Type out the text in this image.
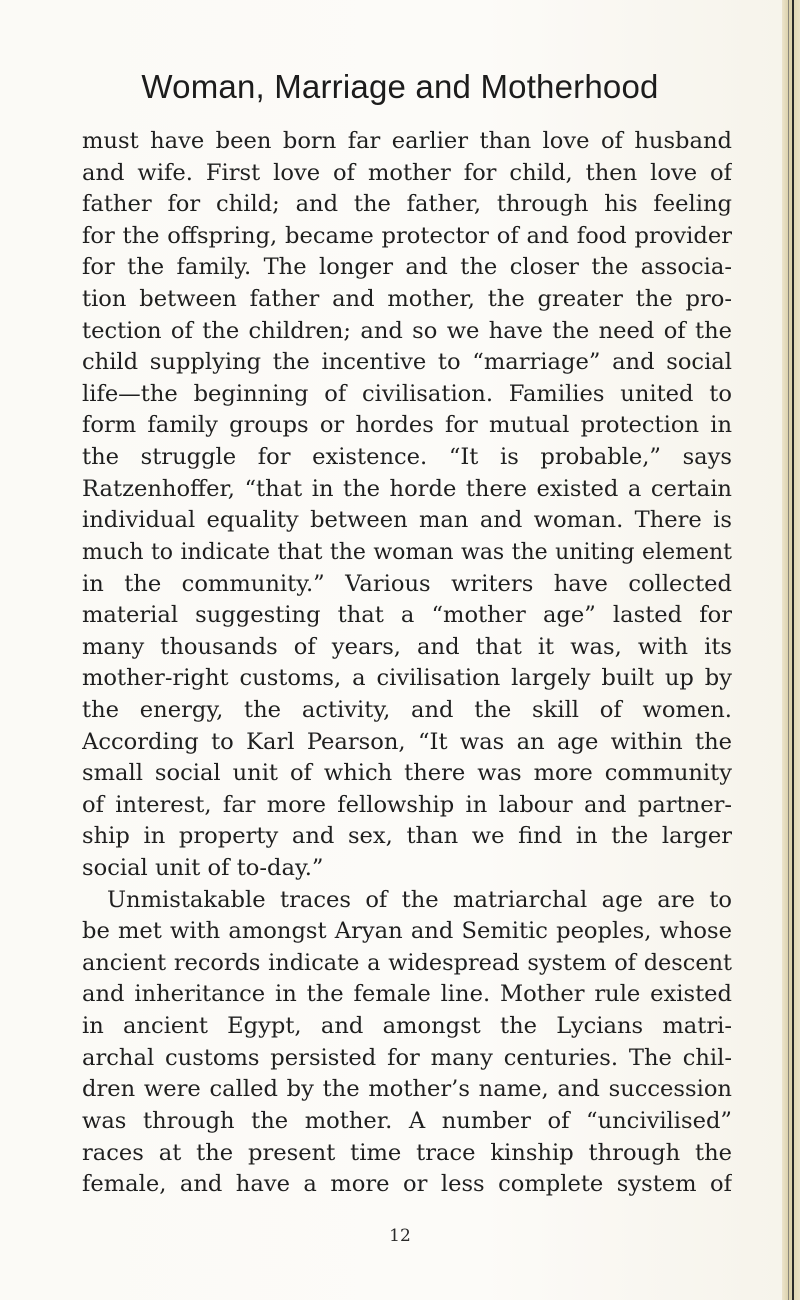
Woman, Marriage and Motherhood
must have been born far earlier than love of husband
and wife. First love of mother for child, then love of
father for child; and the father, through his feeling
for the offspring, became protector of and food provider
for the family. The longer and the closer the associa-
tion between father and mother, the greater the pro-
tection of the children; and so we have the need of the
child supplying the incentive to “marriage” and social
life—the beginning of civilisation. Families united to
form family groups or hordes for mutual protection in
the struggle for existence. “It is probable,” says
Ratzenhoffer, “that in the horde there existed a certain
individual equality between man and woman. There is
much to indicate that the woman was the uniting element
in the community.” Various writers have collected
material suggesting that a “mother age” lasted for
many thousands of years, and that it was, with its
mother-right customs, a civilisation largely built up by
the energy, the activity, and the skill of women.
According to Karl Pearson, “It was an age within the
small social unit of which there was more community
of interest, far more fellowship in labour and partner-
ship in property and sex, than we find in the larger
social unit of to-day.”
Unmistakable traces of the matriarchal age are to
be met with amongst Aryan and Semitic peoples, whose
ancient records indicate a widespread system of descent
and inheritance in the female line. Mother rule existed
in ancient Egypt, and amongst the Lycians matri-
archal customs persisted for many centuries. The chil-
dren were called by the mother’s name, and succession
was through the mother. A number of “uncivilised”
races at the present time trace kinship through the
female, and have a more or less complete system of
12
